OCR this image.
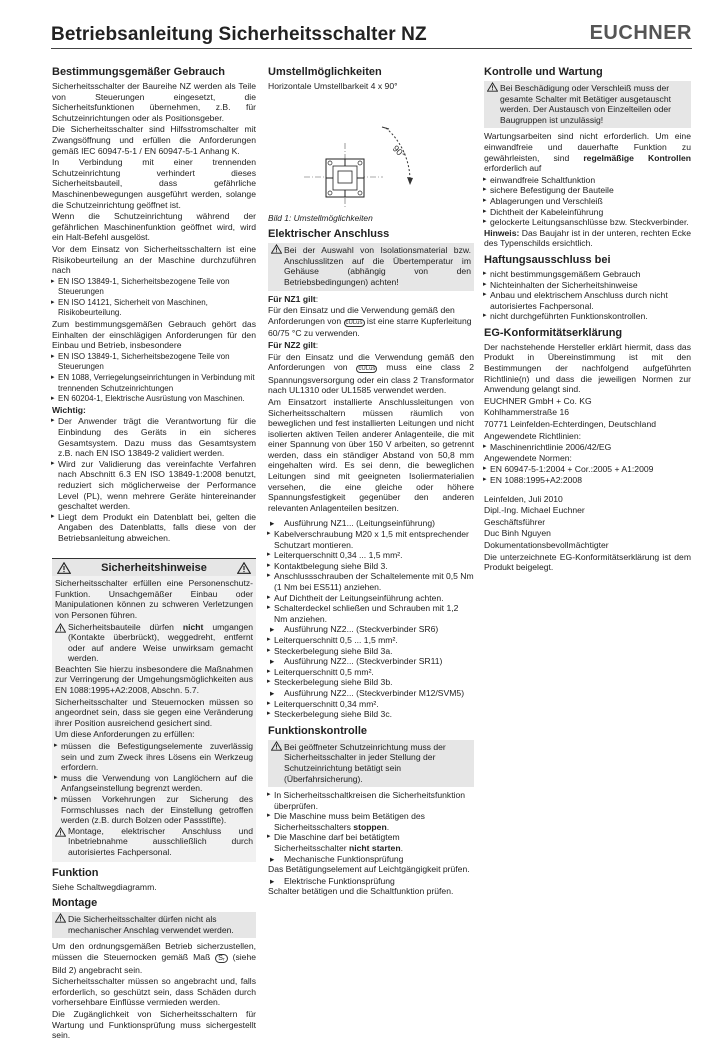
Betriebsanleitung Sicherheitsschalter NZ	EUCHNER
Bestimmungsgemäßer Gebrauch

Sicherheitsschalter der Baureihe NZ werden als Teile von Steuerungen eingesetzt, die Sicherheitsfunktionen übernehmen, z.B. für Schutzeinrichtungen oder als Positionsgeber.

Die Sicherheitsschalter sind Hilfsstromschalter mit Zwangsöffnung und erfüllen die Anforderungen gemäß IEC 60947-5-1 / EN 60947-5-1 Anhang K.

In Verbindung mit einer trennenden Schutzeinrichtung verhindert dieses Sicherheitsbauteil, dass gefährliche Maschinenbewegungen ausgeführt werden, solange die Schutzeinrichtung geöffnet ist.

Wenn die Schutzeinrichtung während der gefährlichen Maschinenfunktion geöffnet wird, wird ein Halt-Befehl ausgelöst.

Vor dem Einsatz von Sicherheitsschaltern ist eine Risikobeurteilung an der Maschine durchzuführen nach

▸ EN ISO 13849-1, Sicherheitsbezogene Teile von Steuerungen
▸ EN ISO 14121, Sicherheit von Maschinen, Risikobeurteilung.

Zum bestimmungsgemäßen Gebrauch gehört das Einhalten der einschlägigen Anforderungen für den Einbau und Betrieb, insbesondere

▸ EN ISO 13849-1, Sicherheitsbezogene Teile von Steuerungen
▸ EN 1088, Verriegelungseinrichtungen in Verbindung mit trennenden Schutzeinrichtungen
▸ EN 60204-1, Elektrische Ausrüstung von Maschinen.

Wichtig:

▸ Der Anwender trägt die Verantwortung für die Einbindung des Geräts in ein sicheres Gesamtsystem. Dazu muss das Gesamtsystem z.B. nach EN ISO 13849-2 validiert werden.
▸ Wird zur Validierung das vereinfachte Verfahren nach Abschnitt 6.3 EN ISO 13849-1:2008 benutzt, reduziert sich möglicherweise der Performance Level (PL), wenn mehrere Geräte hintereinander geschaltet werden.
▸ Liegt dem Produkt ein Datenblatt bei, gelten die Angaben des Datenblatts, falls diese von der Betriebsanleitung abweichen.
Sicherheitshinweise

Sicherheitsschalter erfüllen eine Personenschutz-Funktion. Unsachgemäßer Einbau oder Manipulationen können zu schweren Verletzungen von Personen führen.

Sicherheitsbauteile dürfen nicht umgangen (Kontakte überbrückt), weggedreht, entfernt oder auf andere Weise unwirksam gemacht werden.

Beachten Sie hierzu insbesondere die Maßnahmen zur Verringerung der Umgehungsmöglichkeiten aus EN 1088:1995+A2:2008, Abschn. 5.7.

Sicherheitsschalter und Steuernocken müssen so angeordnet sein, dass sie gegen eine Veränderung ihrer Position ausreichend gesichert sind.

Um diese Anforderungen zu erfüllen:

▸ müssen die Befestigungselemente zuverlässig sein und zum Zweck ihres Lösens ein Werkzeug erfordern.
▸ muss die Verwendung von Langlöchern auf die Anfangseinstellung begrenzt werden.
▸ müssen Vorkehrungen zur Sicherung des Formschlusses nach der Einstellung getroffen werden (z.B. durch Bolzen oder Passstifte).
Montage, elektrischer Anschluss und Inbetriebnahme ausschließlich durch autorisiertes Fachpersonal.
Funktion

Siehe Schaltwegdiagramm.

Montage
Die Sicherheitsschalter dürfen nicht als mechanischer Anschlag verwendet werden.

Um den ordnungsgemäßen Betrieb sicherzustellen, müssen die Steuernocken gemäß Maß Sᵣ (siehe Bild 2) angebracht sein.

Sicherheitsschalter müssen so angebracht und, falls erforderlich, so geschützt sein, dass Schäden durch vorhersehbare Einflüsse vermieden werden.

Die Zugänglichkeit von Sicherheitsschaltern für Wartung und Funktionsprüfung muss sichergestellt sein.

Umstellmöglichkeiten

Horizontale Umstellbarkeit 4 x 90°

90°

Bild 1: Umstellmöglichkeiten

Elektrischer Anschluss
Bei der Auswahl von Isolationsmaterial bzw. Anschlusslitzen auf die Übertemperatur im Gehäuse (abhängig von den Betriebsbedingungen) achten!

Für NZ1 gilt:

Für den Einsatz und die Verwendung gemäß den Anforderungen von cULus ist eine starre Kupferleitung 60/75 °C zu verwenden.

Für NZ2 gilt:

Für den Einsatz und die Verwendung gemäß den Anforderungen von cULus muss eine class 2 Spannungsversorgung oder ein class 2 Transformator nach UL1310 oder UL1585 verwendet werden.

Am Einsatzort installierte Anschlussleitungen von Sicherheitsschaltern müssen räumlich von beweglichen und fest installierten Leitungen und nicht isolierten aktiven Teilen anderer Anlagenteile, die mit einer Spannung von über 150 V arbeiten, so getrennt werden, dass ein ständiger Abstand von 50,8 mm eingehalten wird. Es sei denn, die beweglichen Leitungen sind mit geeigneten Isoliermaterialien versehen, die eine gleiche oder höhere Spannungsfestigkeit gegenüber den anderen relevanten Anlagenteilen besitzen.

▸ Ausführung NZ1... (Leitungseinführung)
▸ Kabelverschraubung M20 x 1,5 mit entsprechender Schutzart montieren.
▸ Leiterquerschnitt 0,34 ... 1,5 mm².
▸ Kontaktbelegung siehe Bild 3.
▸ Anschlussschrauben der Schaltelemente mit 0,5 Nm (1 Nm bei ES511) anziehen.
▸ Auf Dichtheit der Leitungseinführung achten.
▸ Schalterdeckel schließen und Schrauben mit 1,2 Nm anziehen.
▸ Ausführung NZ2... (Steckverbinder SR6)
▸ Leiterquerschnitt 0,5 ... 1,5 mm².
▸ Steckerbelegung siehe Bild 3a.
▸ Ausführung NZ2... (Steckverbinder SR11)
▸ Leiterquerschnitt 0,5 mm².
▸ Steckerbelegung siehe Bild 3b.
▸ Ausführung NZ2... (Steckverbinder M12/SVM5)
▸ Leiterquerschnitt 0,34 mm².
▸ Steckerbelegung siehe Bild 3c.
Funktionskontrolle
Bei geöffneter Schutzeinrichtung muss der Sicherheitsschalter in jeder Stellung der Schutzeinrichtung betätigt sein (Überfahrsicherung).
▸ In Sicherheitsschaltkreisen die Sicherheitsfunktion überprüfen.
▸ Die Maschine muss beim Betätigen des Sicherheitsschalters stoppen.
▸ Die Maschine darf bei betätigtem Sicherheitsschalter nicht starten.
▸ Mechanische Funktionsprüfung

Das Betätigungselement auf Leichtgängigkeit prüfen.

▸ Elektrische Funktionsprüfung

Schalter betätigen und die Schaltfunktion prüfen.

Kontrolle und Wartung
Bei Beschädigung oder Verschleiß muss der gesamte Schalter mit Betätiger ausgetauscht werden. Der Austausch von Einzelteilen oder Baugruppen ist unzulässig!

Wartungsarbeiten sind nicht erforderlich. Um eine einwandfreie und dauerhafte Funktion zu gewährleisten, sind regelmäßige Kontrollen erforderlich auf

▸ einwandfreie Schaltfunktion
▸ sichere Befestigung der Bauteile
▸ Ablagerungen und Verschleiß
▸ Dichtheit der Kabeleinführung
▸ gelockerte Leitungsanschlüsse bzw. Steckverbinder.

Hinweis: Das Baujahr ist in der unteren, rechten Ecke des Typenschilds ersichtlich.

Haftungsausschluss bei
▸ nicht bestimmungsgemäßem Gebrauch
▸ Nichteinhalten der Sicherheitshinweise
▸ Anbau und elektrischem Anschluss durch nicht autorisiertes Fachpersonal.
▸ nicht durchgeführten Funktionskontrollen.
EG-Konformitätserklärung

Der nachstehende Hersteller erklärt hiermit, dass das Produkt in Übereinstimmung ist mit den Bestimmungen der nachfolgend aufgeführten Richtlinie(n) und dass die jeweiligen Normen zur Anwendung gelangt sind.

EUCHNER GmbH + Co. KG

Kohlhammerstraße 16

70771 Leinfelden-Echterdingen, Deutschland

Angewendete Richtlinien:

▸ Maschinenrichtlinie 2006/42/EG

Angewendete Normen:

▸ EN 60947-5-1:2004 + Cor.:2005 + A1:2009
▸ EN 1088:1995+A2:2008

Leinfelden, Juli 2010

Dipl.-Ing. Michael Euchner

Geschäftsführer

Duc Binh Nguyen

Dokumentationsbevollmächtigter

Die unterzeichnete EG-Konformitätserklärung ist dem Produkt beigelegt.
